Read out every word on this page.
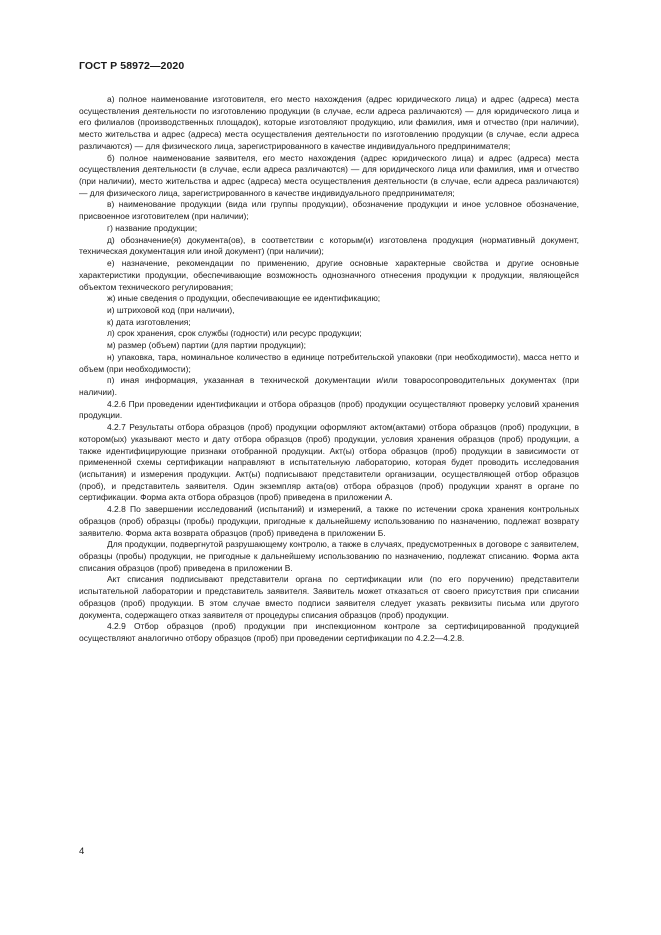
ГОСТ Р 58972—2020

а) полное наименование изготовителя, его место нахождения (адрес юридического лица) и адрес (адреса) места осуществления деятельности по изготовлению продукции (в случае, если адреса различаются) — для юридического лица и его филиалов (производственных площадок), которые изготовляют продукцию, или фамилия, имя и отчество (при наличии), место жительства и адрес (адреса) места осуществления деятельности по изготовлению продукции (в случае, если адреса различаются) — для физического лица, зарегистрированного в качестве индивидуального предпринимателя;

б) полное наименование заявителя, его место нахождения (адрес юридического лица) и адрес (адреса) места осуществления деятельности (в случае, если адреса различаются) — для юридического лица или фамилия, имя и отчество (при наличии), место жительства и адрес (адреса) места осуществления деятельности (в случае, если адреса различаются) — для физического лица, зарегистрированного в качестве индивидуального предпринимателя;

в) наименование продукции (вида или группы продукции), обозначение продукции и иное условное обозначение, присвоенное изготовителем (при наличии);

г) название продукции;

д) обозначение(я) документа(ов), в соответствии с которым(и) изготовлена продукция (нормативный документ, техническая документация или иной документ) (при наличии);

е) назначение, рекомендации по применению, другие основные характерные свойства и другие основные характеристики продукции, обеспечивающие возможность однозначного отнесения продукции к продукции, являющейся объектом технического регулирования;

ж) иные сведения о продукции, обеспечивающие ее идентификацию;

и) штриховой код (при наличии),

к) дата изготовления;

л) срок хранения, срок службы (годности) или ресурс продукции;

м) размер (объем) партии (для партии продукции);

н) упаковка, тара, номинальное количество в единице потребительской упаковки (при необходимости), масса нетто и объем (при необходимости);

п) иная информация, указанная в технической документации и/или товаросопроводительных документах (при наличии).

4.2.6 При проведении идентификации и отбора образцов (проб) продукции осуществляют проверку условий хранения продукции.

4.2.7 Результаты отбора образцов (проб) продукции оформляют актом(актами) отбора образцов (проб) продукции, в котором(ых) указывают место и дату отбора образцов (проб) продукции, условия хранения образцов (проб) продукции, а также идентифицирующие признаки отобранной продукции. Акт(ы) отбора образцов (проб) продукции в зависимости от примененной схемы сертификации направляют в испытательную лабораторию, которая будет проводить исследования (испытания) и измерения продукции. Акт(ы) подписывают представители организации, осуществляющей отбор образцов (проб), и представитель заявителя. Один экземпляр акта(ов) отбора образцов (проб) продукции хранят в органе по сертификации. Форма акта отбора образцов (проб) приведена в приложении А.

4.2.8 По завершении исследований (испытаний) и измерений, а также по истечении срока хранения контрольных образцов (проб) образцы (пробы) продукции, пригодные к дальнейшему использованию по назначению, подлежат возврату заявителю. Форма акта возврата образцов (проб) приведена в приложении Б.

Для продукции, подвергнутой разрушающему контролю, а также в случаях, предусмотренных в договоре с заявителем, образцы (пробы) продукции, не пригодные к дальнейшему использованию по назначению, подлежат списанию. Форма акта списания образцов (проб) приведена в приложении В.

Акт списания подписывают представители органа по сертификации или (по его поручению) представители испытательной лаборатории и представитель заявителя. Заявитель может отказаться от своего присутствия при списании образцов (проб) продукции. В этом случае вместо подписи заявителя следует указать реквизиты письма или другого документа, содержащего отказ заявителя от процедуры списания образцов (проб) продукции.

4.2.9 Отбор образцов (проб) продукции при инспекционном контроле за сертифицированной продукцией осуществляют аналогично отбору образцов (проб) при проведении сертификации по 4.2.2—4.2.8.

4
